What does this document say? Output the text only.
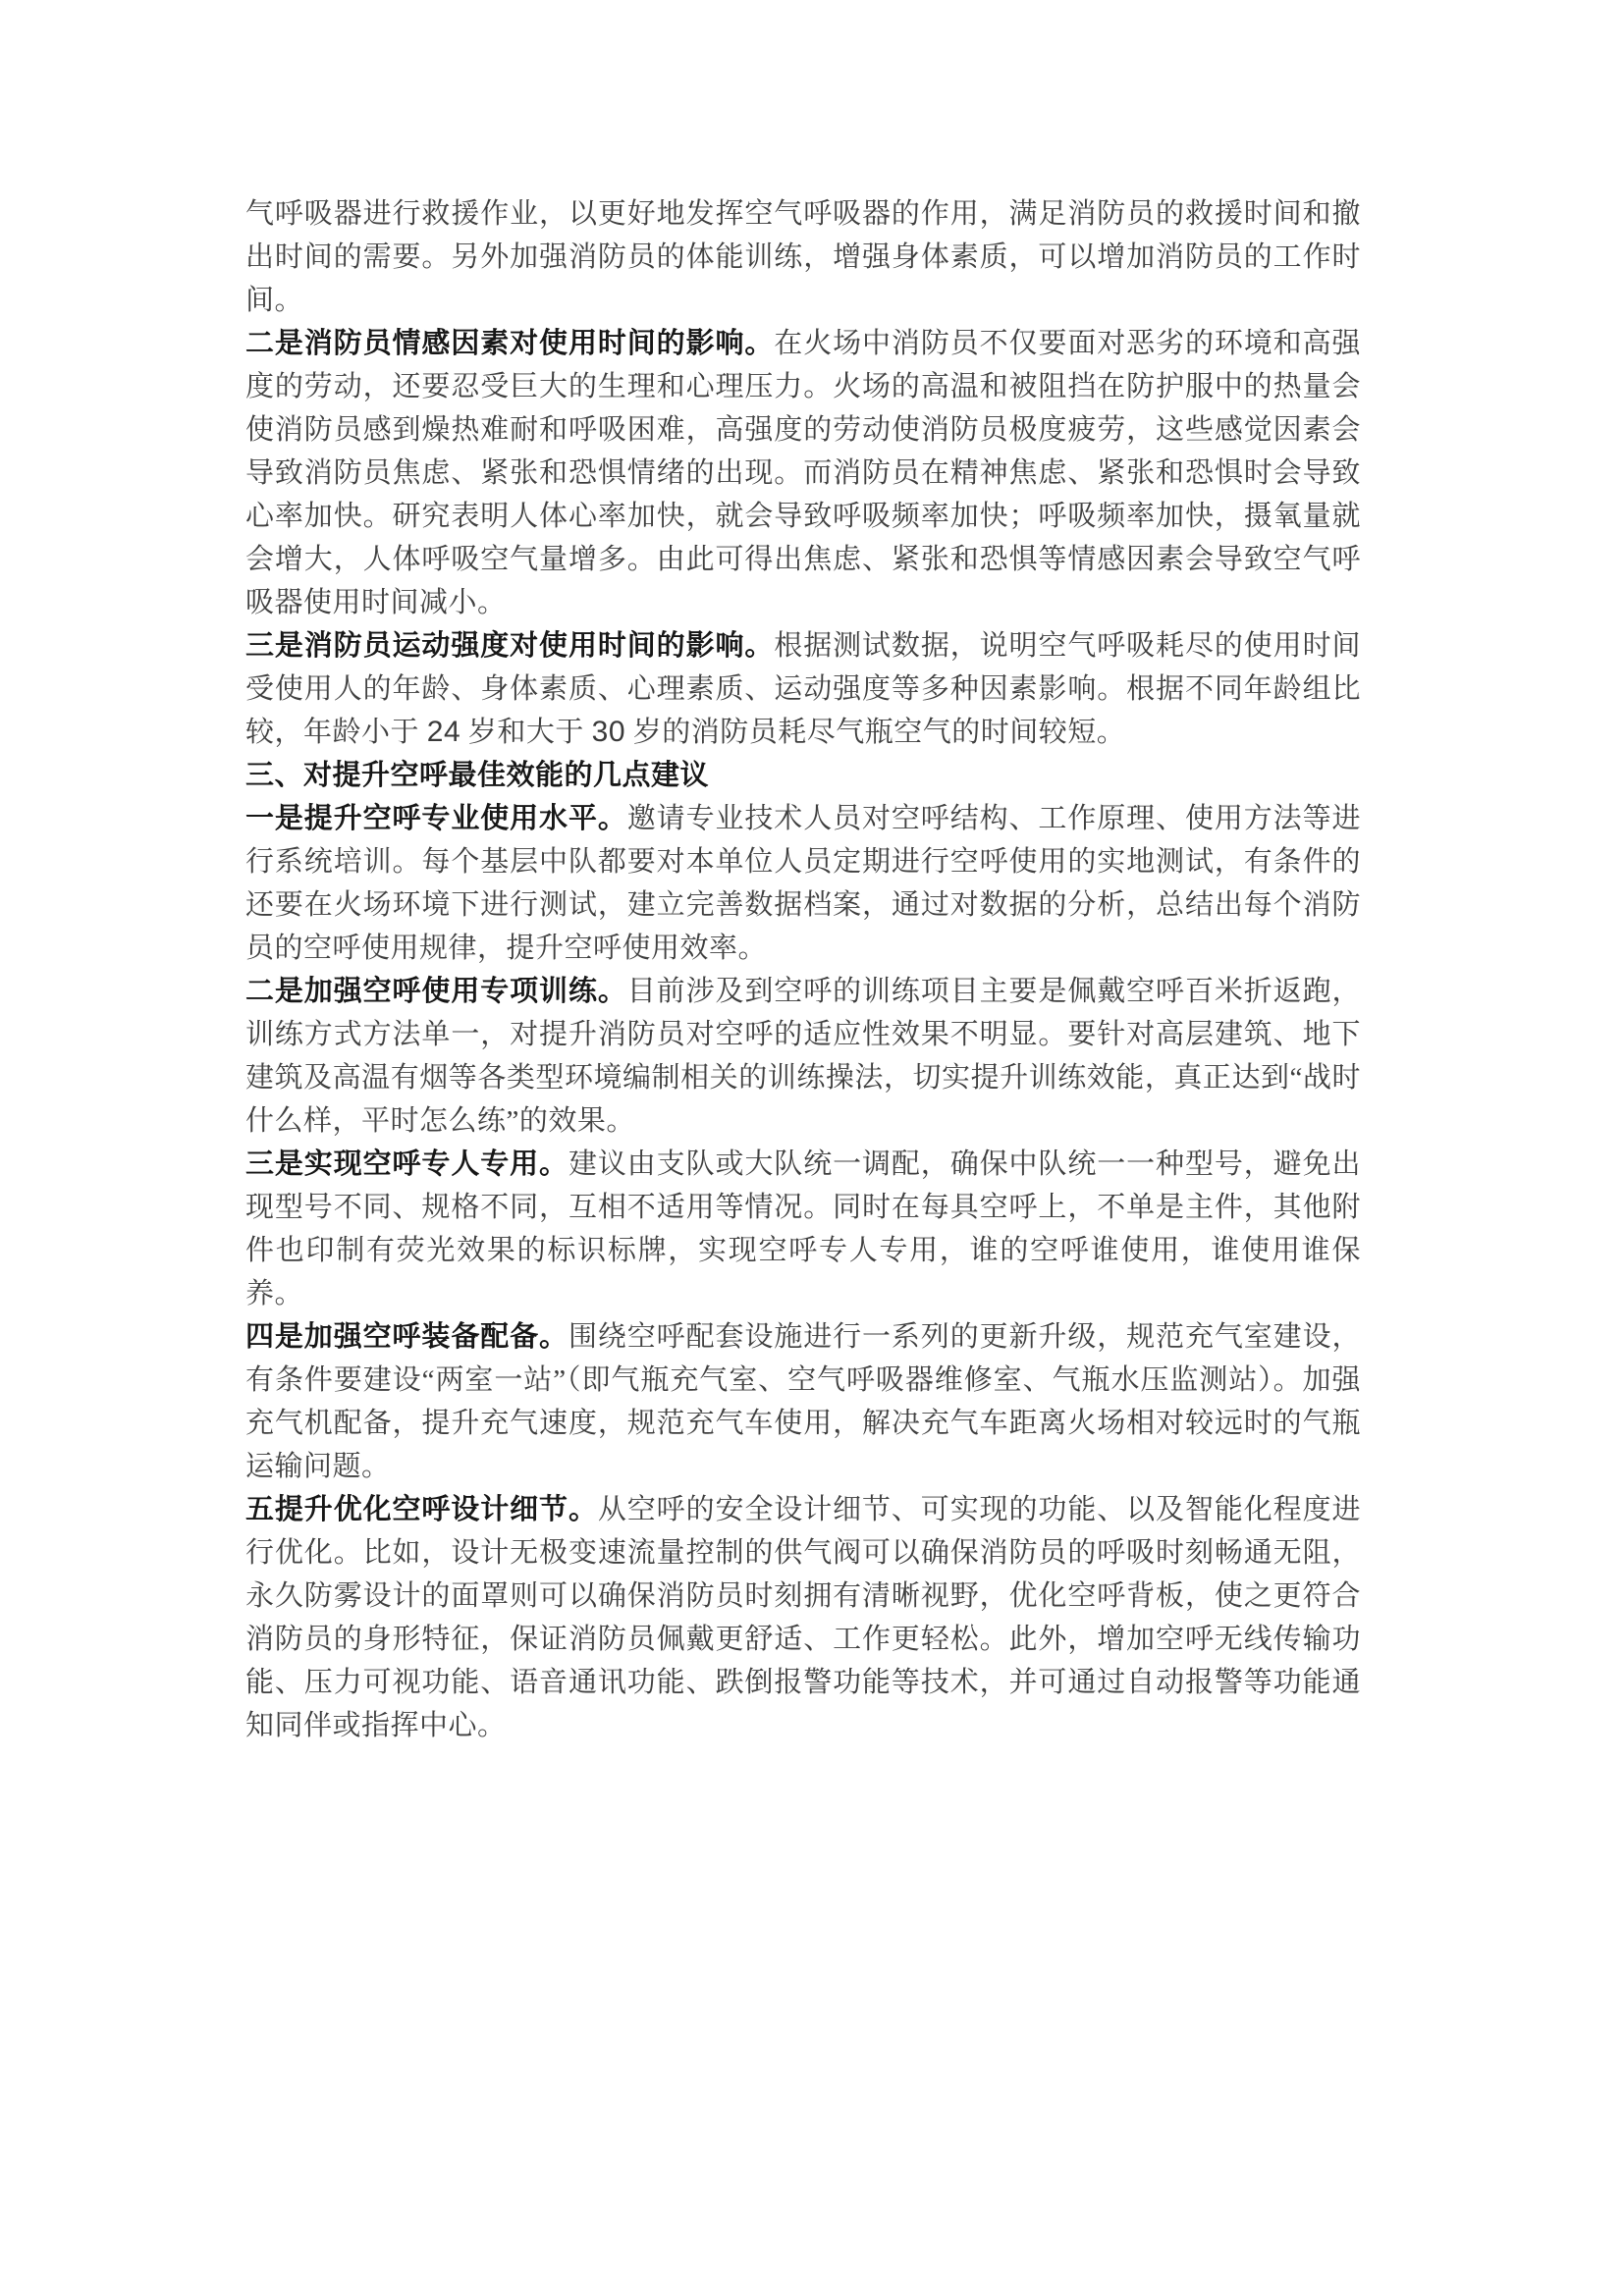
气呼吸器进行救援作业，以更好地发挥空气呼吸器的作用，满足消防员的救援时间和撤出时间的需要。另外加强消防员的体能训练，增强身体素质，可以增加消防员的工作时间。

二是消防员情感因素对使用时间的影响。在火场中消防员不仅要面对恶劣的环境和高强度的劳动，还要忍受巨大的生理和心理压力。火场的高温和被阻挡在防护服中的热量会使消防员感到燥热难耐和呼吸困难，高强度的劳动使消防员极度疲劳，这些感觉因素会导致消防员焦虑、紧张和恐惧情绪的出现。而消防员在精神焦虑、紧张和恐惧时会导致心率加快。研究表明人体心率加快，就会导致呼吸频率加快；呼吸频率加快，摄氧量就会增大，人体呼吸空气量增多。由此可得出焦虑、紧张和恐惧等情感因素会导致空气呼吸器使用时间减小。

三是消防员运动强度对使用时间的影响。根据测试数据，说明空气呼吸耗尽的使用时间受使用人的年龄、身体素质、心理素质、运动强度等多种因素影响。根据不同年龄组比较，年龄小于 24 岁和大于 30 岁的消防员耗尽气瓶空气的时间较短。

三、对提升空呼最佳效能的几点建议

一是提升空呼专业使用水平。邀请专业技术人员对空呼结构、工作原理、使用方法等进行系统培训。每个基层中队都要对本单位人员定期进行空呼使用的实地测试，有条件的还要在火场环境下进行测试，建立完善数据档案，通过对数据的分析，总结出每个消防员的空呼使用规律，提升空呼使用效率。

二是加强空呼使用专项训练。目前涉及到空呼的训练项目主要是佩戴空呼百米折返跑，训练方式方法单一，对提升消防员对空呼的适应性效果不明显。要针对高层建筑、地下建筑及高温有烟等各类型环境编制相关的训练操法，切实提升训练效能，真正达到“战时什么样，平时怎么练”的效果。

三是实现空呼专人专用。建议由支队或大队统一调配，确保中队统一一种型号，避免出现型号不同、规格不同，互相不适用等情况。同时在每具空呼上，不单是主件，其他附件也印制有荧光效果的标识标牌，实现空呼专人专用，谁的空呼谁使用，谁使用谁保养。

四是加强空呼装备配备。围绕空呼配套设施进行一系列的更新升级，规范充气室建设，有条件要建设“两室一站”（即气瓶充气室、空气呼吸器维修室、气瓶水压监测站）。加强充气机配备，提升充气速度，规范充气车使用，解决充气车距离火场相对较远时的气瓶运输问题。

五提升优化空呼设计细节。从空呼的安全设计细节、可实现的功能、以及智能化程度进行优化。比如，设计无极变速流量控制的供气阀可以确保消防员的呼吸时刻畅通无阻，永久防雾设计的面罩则可以确保消防员时刻拥有清晰视野，优化空呼背板，使之更符合消防员的身形特征，保证消防员佩戴更舒适、工作更轻松。此外，增加空呼无线传输功能、压力可视功能、语音通讯功能、跌倒报警功能等技术，并可通过自动报警等功能通知同伴或指挥中心。
